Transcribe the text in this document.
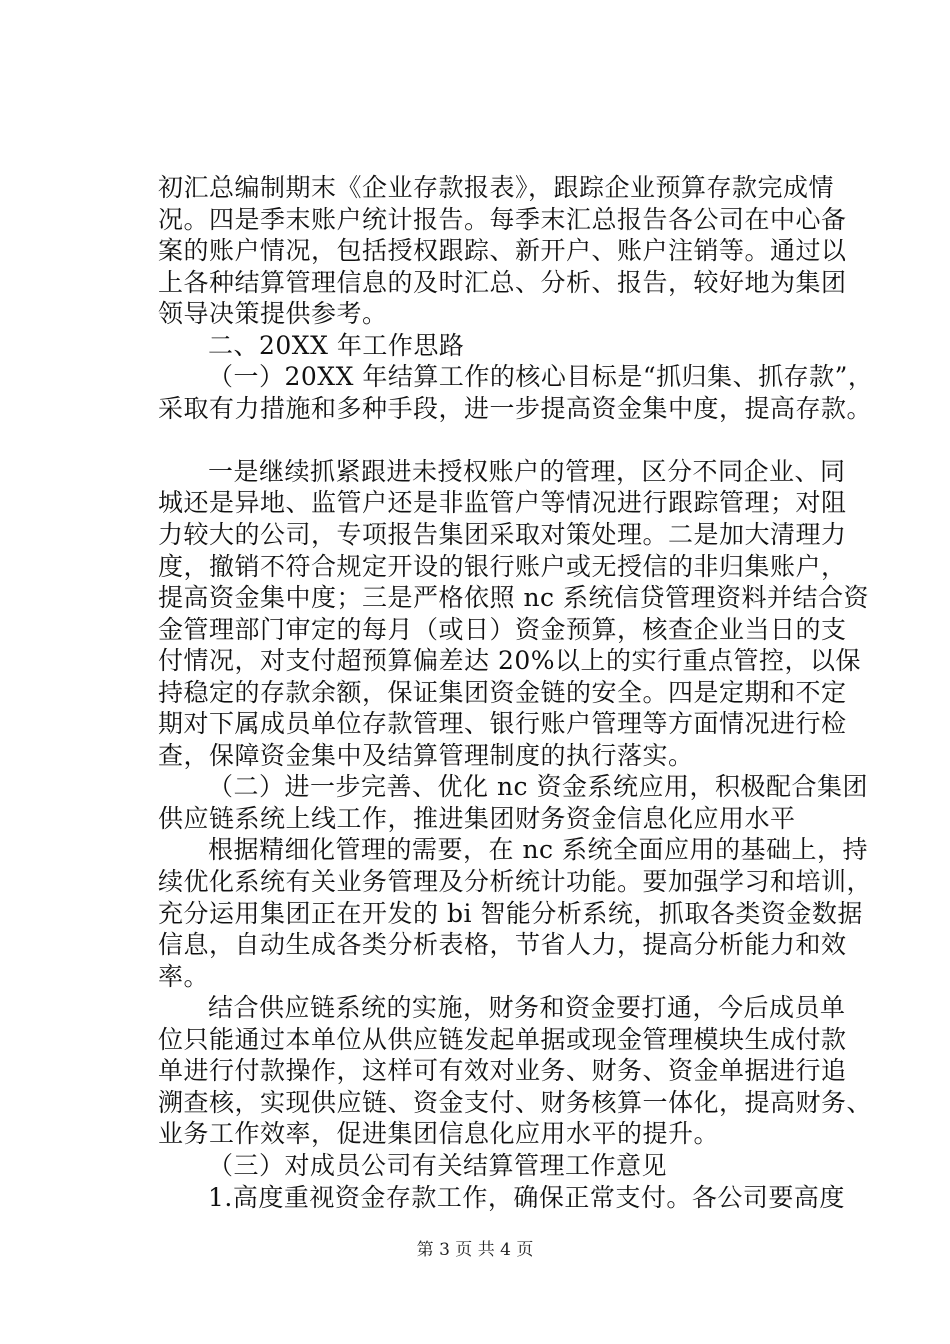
初汇总编制期末《企业存款报表》，跟踪企业预算存款完成情
况。四是季末账户统计报告。每季末汇总报告各公司在中心备
案的账户情况，包括授权跟踪、新开户、账户注销等。通过以
上各种结算管理信息的及时汇总、分析、报告，较好地为集团
领导决策提供参考。
二、20XX 年工作思路
（一）20XX 年结算工作的核心目标是“抓归集、抓存款”，
采取有力措施和多种手段，进一步提高资金集中度，提高存款。
一是继续抓紧跟进未授权账户的管理，区分不同企业、同
城还是异地、监管户还是非监管户等情况进行跟踪管理；对阻
力较大的公司，专项报告集团采取对策处理。二是加大清理力
度，撤销不符合规定开设的银行账户或无授信的非归集账户，
提高资金集中度；三是严格依照 nc 系统信贷管理资料并结合资
金管理部门审定的每月（或日）资金预算，核查企业当日的支
付情况，对支付超预算偏差达 20%以上的实行重点管控，以保
持稳定的存款余额，保证集团资金链的安全。四是定期和不定
期对下属成员单位存款管理、银行账户管理等方面情况进行检
查，保障资金集中及结算管理制度的执行落实。
（二）进一步完善、优化 nc 资金系统应用，积极配合集团
供应链系统上线工作，推进集团财务资金信息化应用水平
根据精细化管理的需要，在 nc 系统全面应用的基础上，持
续优化系统有关业务管理及分析统计功能。要加强学习和培训，
充分运用集团正在开发的 bi 智能分析系统，抓取各类资金数据
信息，自动生成各类分析表格，节省人力，提高分析能力和效
率。
结合供应链系统的实施，财务和资金要打通，今后成员单
位只能通过本单位从供应链发起单据或现金管理模块生成付款
单进行付款操作，这样可有效对业务、财务、资金单据进行追
溯查核，实现供应链、资金支付、财务核算一体化，提高财务、
业务工作效率，促进集团信息化应用水平的提升。
（三）对成员公司有关结算管理工作意见
1.高度重视资金存款工作，确保正常支付。各公司要高度
第 3 页 共 4 页
